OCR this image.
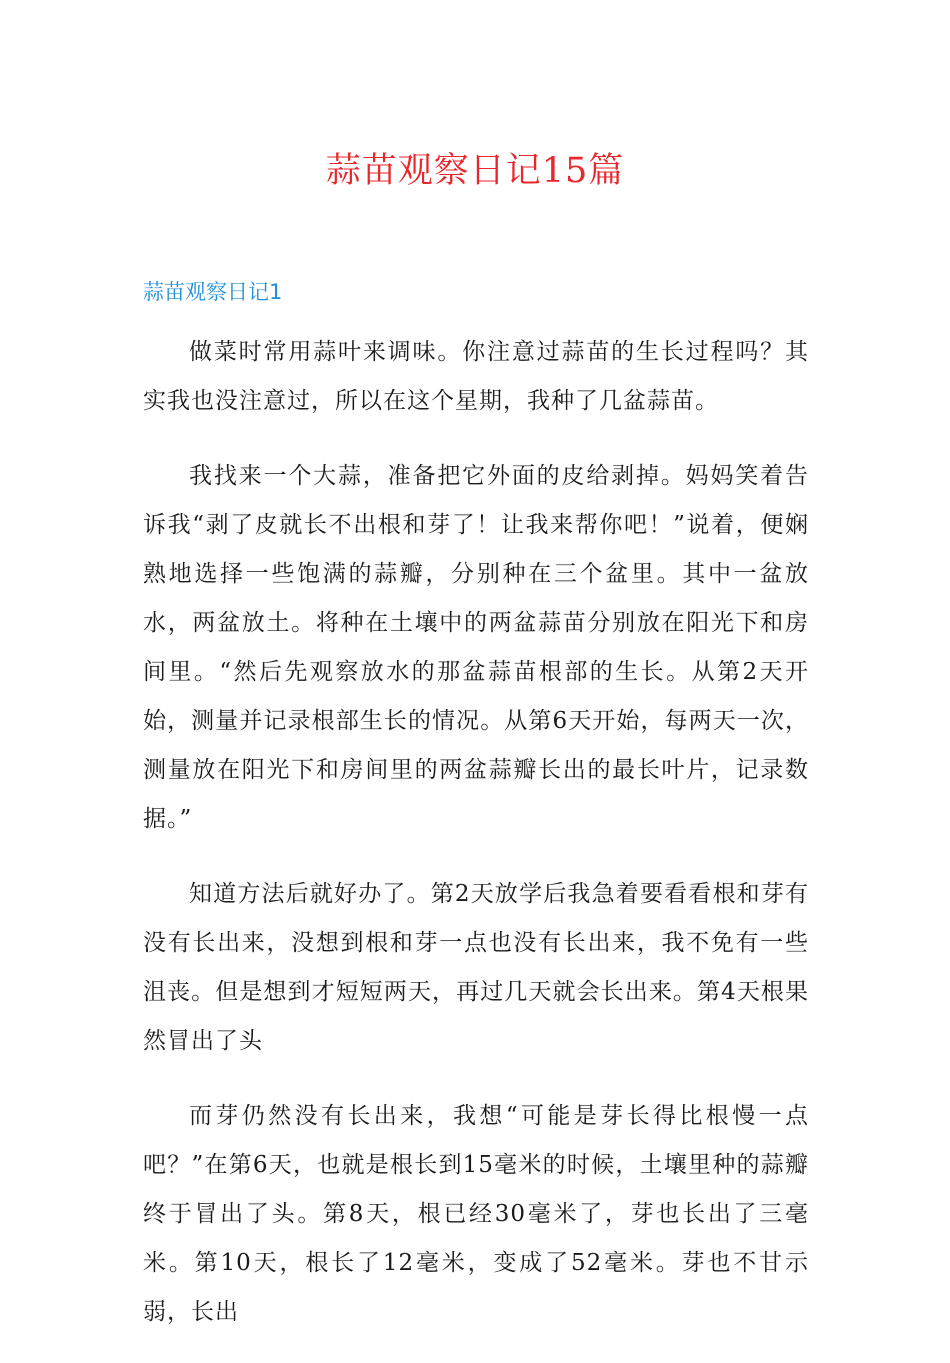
蒜苗观察日记15篇
蒜苗观察日记1

做菜时常用蒜叶来调味。你注意过蒜苗的生长过程吗？其实我也没注意过，所以在这个星期，我种了几盆蒜苗。

我找来一个大蒜，准备把它外面的皮给剥掉。妈妈笑着告诉我“剥了皮就长不出根和芽了！让我来帮你吧！”说着，便娴熟地选择一些饱满的蒜瓣，分别种在三个盆里。其中一盆放水，两盆放土。将种在土壤中的两盆蒜苗分别放在阳光下和房间里。“然后先观察放水的那盆蒜苗根部的生长。从第2天开始，测量并记录根部生长的情况。从第6天开始，每两天一次，测量放在阳光下和房间里的两盆蒜瓣长出的最长叶片，记录数据。”

知道方法后就好办了。第2天放学后我急着要看看根和芽有没有长出来，没想到根和芽一点也没有长出来，我不免有一些沮丧。但是想到才短短两天，再过几天就会长出来。第4天根果然冒出了头

而芽仍然没有长出来，我想“可能是芽长得比根慢一点吧？”在第6天，也就是根长到15毫米的时候，土壤里种的蒜瓣终于冒出了头。第8天，根已经30毫米了，芽也长出了三毫米。第10天，根长了12毫米，变成了52毫米。芽也不甘示弱，长出
